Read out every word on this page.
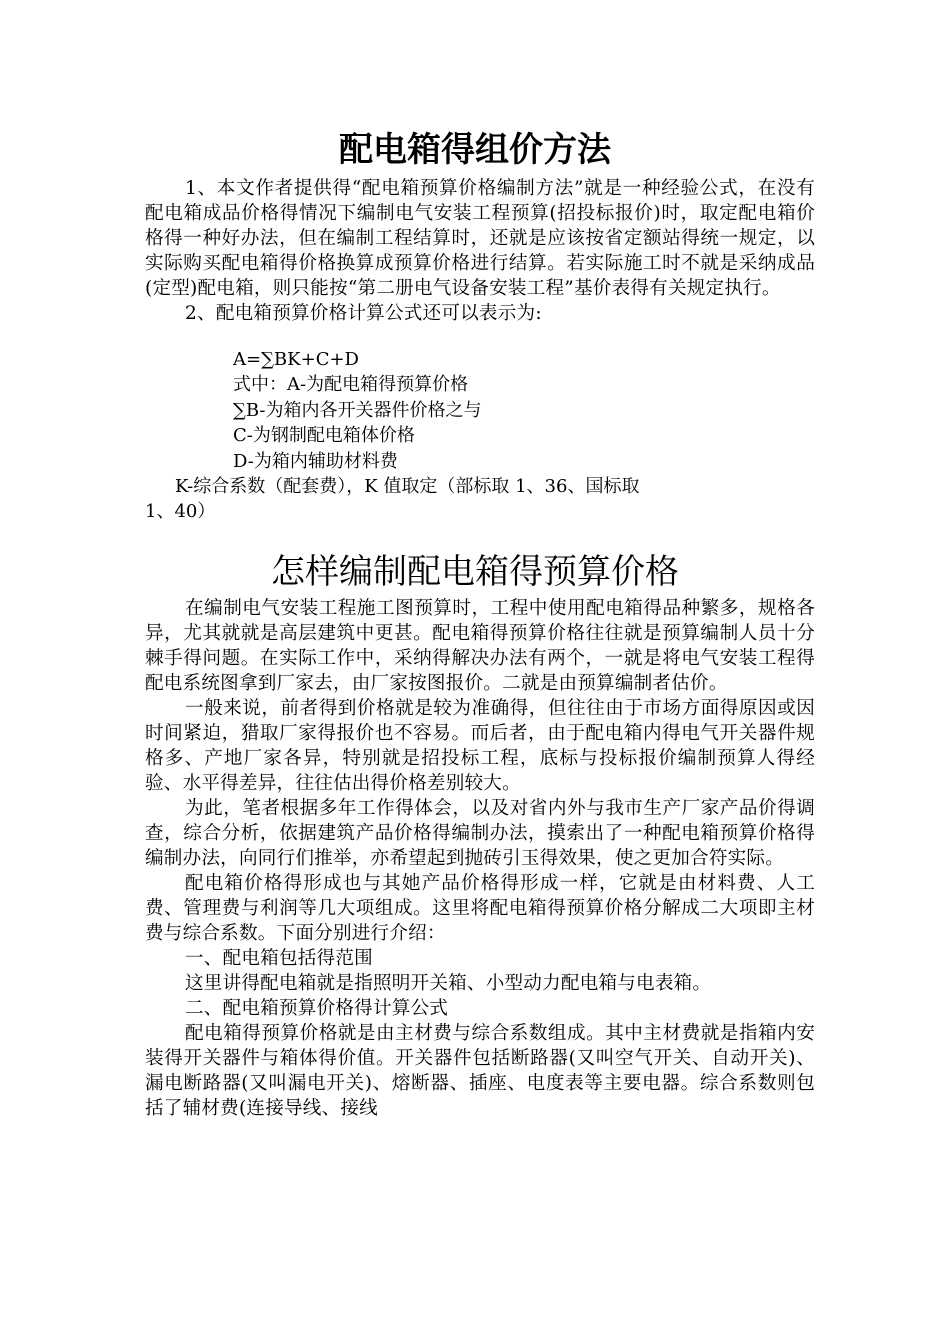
配电箱得组价方法

1、本文作者提供得“配电箱预算价格编制方法”就是一种经验公式，在没有配电箱成品价格得情况下编制电气安装工程预算(招投标报价)时，取定配电箱价格得一种好办法，但在编制工程结算时，还就是应该按省定额站得统一规定，以实际购买配电箱得价格换算成预算价格进行结算。若实际施工时不就是采纳成品(定型)配电箱，则只能按“第二册电气设备安装工程”基价表得有关规定执行。

2、配电箱预算价格计算公式还可以表示为:

A=∑BK+C+D
式中：A-为配电箱得预算价格
∑B-为箱内各开关器件价格之与
C-为钢制配电箱体价格
D-为箱内辅助材料费

K-综合系数（配套费），K 值取定（部标取 1、36、国标取

1、40）

怎样编制配电箱得预算价格

在编制电气安装工程施工图预算时，工程中使用配电箱得品种繁多，规格各异，尤其就就是高层建筑中更甚。配电箱得预算价格往往就是预算编制人员十分棘手得问题。在实际工作中，采纳得解决办法有两个，一就是将电气安装工程得配电系统图拿到厂家去，由厂家按图报价。二就是由预算编制者估价。

一般来说，前者得到价格就是较为准确得，但往往由于市场方面得原因或因时间紧迫，猎取厂家得报价也不容易。而后者，由于配电箱内得电气开关器件规格多、产地厂家各异，特别就是招投标工程，底标与投标报价编制预算人得经验、水平得差异，往往估出得价格差别较大。

为此，笔者根据多年工作得体会，以及对省内外与我市生产厂家产品价得调查，综合分析，依据建筑产品价格得编制办法，摸索出了一种配电箱预算价格得编制办法，向同行们推举，亦希望起到抛砖引玉得效果，使之更加合符实际。

配电箱价格得形成也与其她产品价格得形成一样，它就是由材料费、人工费、管理费与利润等几大项组成。这里将配电箱得预算价格分解成二大项即主材费与综合系数。下面分别进行介绍：

一、配电箱包括得范围

这里讲得配电箱就是指照明开关箱、小型动力配电箱与电表箱。

二、配电箱预算价格得计算公式

配电箱得预算价格就是由主材费与综合系数组成。其中主材费就是指箱内安装得开关器件与箱体得价值。开关器件包括断路器(又叫空气开关、自动开关)、漏电断路器(又叫漏电开关)、熔断器、插座、电度表等主要电器。综合系数则包括了辅材费(连接导线、接线
